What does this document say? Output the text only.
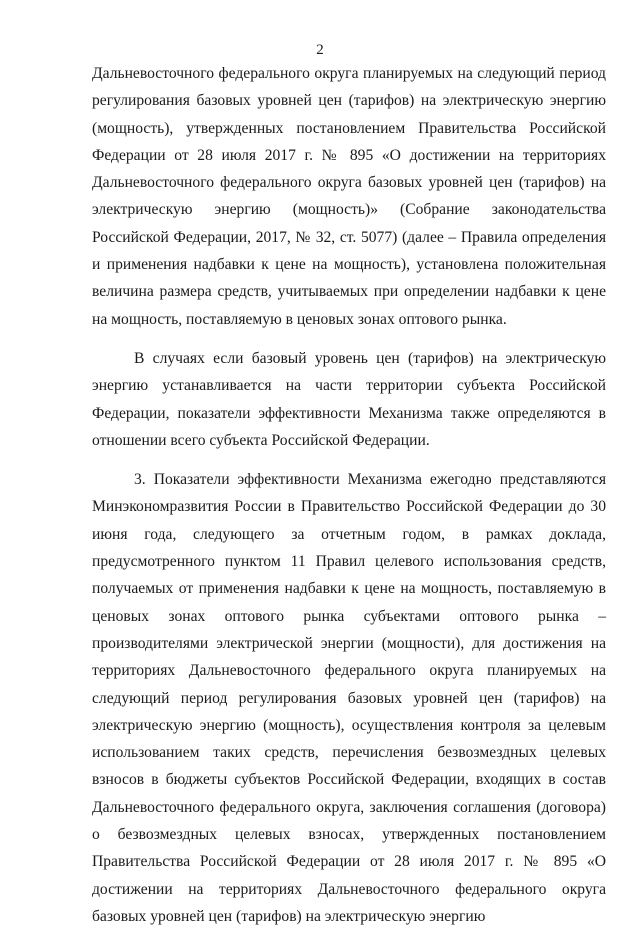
2

Дальневосточного федерального округа планируемых на следующий период регулирования базовых уровней цен (тарифов) на электрическую энергию (мощность), утвержденных постановлением Правительства Российской Федерации от 28 июля 2017 г. № 895 «О достижении на территориях Дальневосточного федерального округа базовых уровней цен (тарифов) на электрическую энергию (мощность)» (Собрание законодательства Российской Федерации, 2017, № 32, ст. 5077) (далее – Правила определения и применения надбавки к цене на мощность), установлена положительная величина размера средств, учитываемых при определении надбавки к цене на мощность, поставляемую в ценовых зонах оптового рынка.

В случаях если базовый уровень цен (тарифов) на электрическую энергию устанавливается на части территории субъекта Российской Федерации, показатели эффективности Механизма также определяются в отношении всего субъекта Российской Федерации.

3. Показатели эффективности Механизма ежегодно представляются Минэкономразвития России в Правительство Российской Федерации до 30 июня года, следующего за отчетным годом, в рамках доклада, предусмотренного пунктом 11 Правил целевого использования средств, получаемых от применения надбавки к цене на мощность, поставляемую в ценовых зонах оптового рынка субъектами оптового рынка – производителями электрической энергии (мощности), для достижения на территориях Дальневосточного федерального округа планируемых на следующий период регулирования базовых уровней цен (тарифов) на электрическую энергию (мощность), осуществления контроля за целевым использованием таких средств, перечисления безвозмездных целевых взносов в бюджеты субъектов Российской Федерации, входящих в состав Дальневосточного федерального округа, заключения соглашения (договора) о безвозмездных целевых взносах, утвержденных постановлением Правительства Российской Федерации от 28 июля 2017 г. № 895 «О достижении на территориях Дальневосточного федерального округа базовых уровней цен (тарифов) на электрическую энергию
